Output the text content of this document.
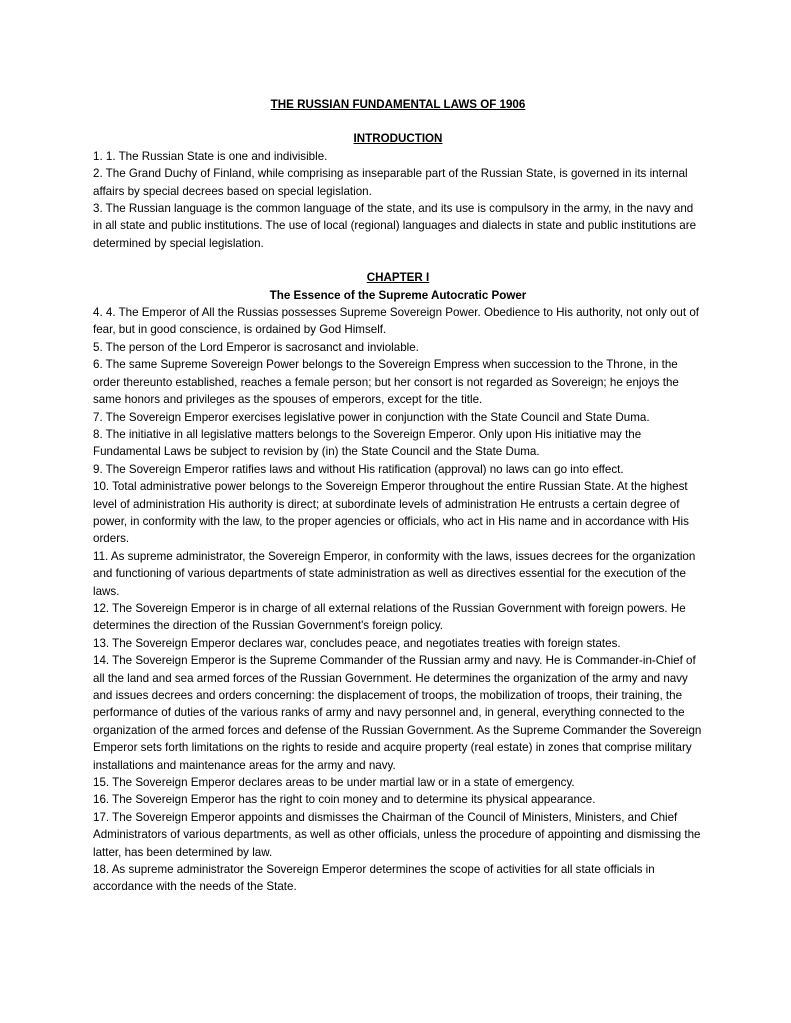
THE RUSSIAN FUNDAMENTAL LAWS OF 1906
INTRODUCTION

1. 1. The Russian State is one and indivisible.

2. The Grand Duchy of Finland, while comprising as inseparable part of the Russian State, is governed in its internal affairs by special decrees based on special legislation.

3. The Russian language is the common language of the state, and its use is compulsory in the army, in the navy and in all state and public institutions. The use of local (regional) languages and dialects in state and public institutions are determined by special legislation.

CHAPTER I
The Essence of the Supreme Autocratic Power

4. 4. The Emperor of All the Russias possesses Supreme Sovereign Power. Obedience to His authority, not only out of fear, but in good conscience, is ordained by God Himself.

5. The person of the Lord Emperor is sacrosanct and inviolable.

6. The same Supreme Sovereign Power belongs to the Sovereign Empress when succession to the Throne, in the order thereunto established, reaches a female person; but her consort is not regarded as Sovereign; he enjoys the same honors and privileges as the spouses of emperors, except for the title.

7. The Sovereign Emperor exercises legislative power in conjunction with the State Council and State Duma.

8. The initiative in all legislative matters belongs to the Sovereign Emperor. Only upon His initiative may the Fundamental Laws be subject to revision by (in) the State Council and the State Duma.

9. The Sovereign Emperor ratifies laws and without His ratification (approval) no laws can go into effect.

10. Total administrative power belongs to the Sovereign Emperor throughout the entire Russian State. At the highest level of administration His authority is direct; at subordinate levels of administration He entrusts a certain degree of power, in conformity with the law, to the proper agencies or officials, who act in His name and in accordance with His orders.

11. As supreme administrator, the Sovereign Emperor, in conformity with the laws, issues decrees for the organization and functioning of various departments of state administration as well as directives essential for the execution of the laws.

12. The Sovereign Emperor is in charge of all external relations of the Russian Government with foreign powers. He determines the direction of the Russian Government's foreign policy.

13. The Sovereign Emperor declares war, concludes peace, and negotiates treaties with foreign states.

14. The Sovereign Emperor is the Supreme Commander of the Russian army and navy. He is Commander-in-Chief of all the land and sea armed forces of the Russian Government. He determines the organization of the army and navy and issues decrees and orders concerning: the displacement of troops, the mobilization of troops, their training, the performance of duties of the various ranks of army and navy personnel and, in general, everything connected to the organization of the armed forces and defense of the Russian Government. As the Supreme Commander the Sovereign Emperor sets forth limitations on the rights to reside and acquire property (real estate) in zones that comprise military installations and maintenance areas for the army and navy.

15. The Sovereign Emperor declares areas to be under martial law or in a state of emergency.

16. The Sovereign Emperor has the right to coin money and to determine its physical appearance.

17. The Sovereign Emperor appoints and dismisses the Chairman of the Council of Ministers, Ministers, and Chief Administrators of various departments, as well as other officials, unless the procedure of appointing and dismissing the latter, has been determined by law.

18. As supreme administrator the Sovereign Emperor determines the scope of activities for all state officials in accordance with the needs of the State.
